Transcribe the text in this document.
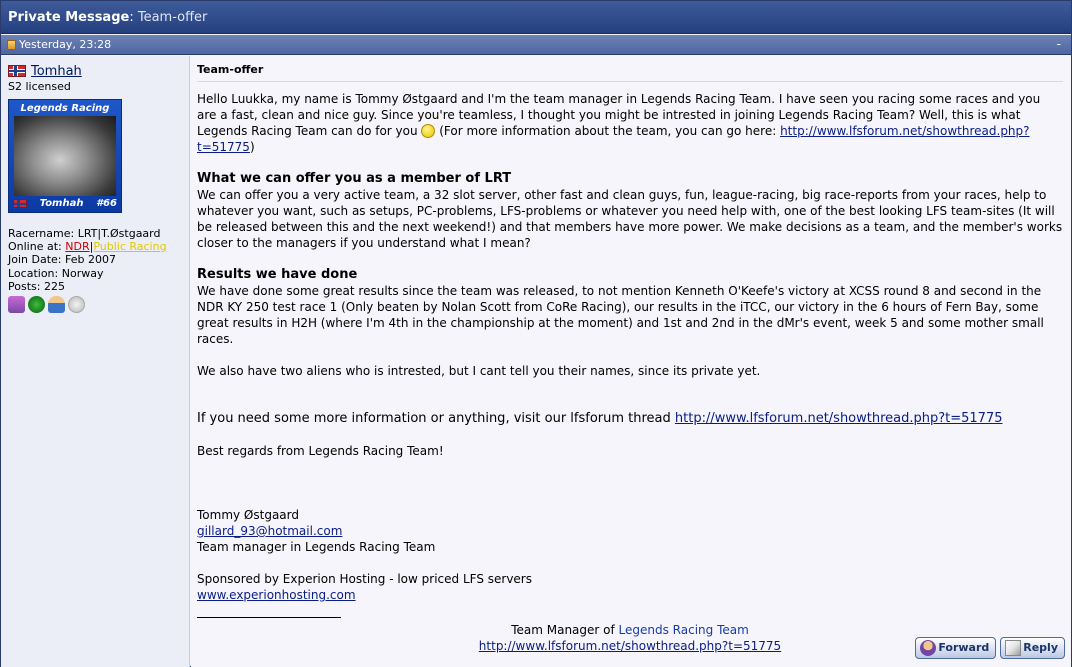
Private Message: Team-offer
Yesterday, 23:28	-
Tomhah
S2 licensed
Legends Racing
Tomhah #66
Racername: LRT|T.Østgaard
Online at: NDR|Public Racing
Join Date: Feb 2007
Location: Norway
Posts: 225
Team-offer

Hello Luukka, my name is Tommy Østgaard and I'm the team manager in Legends Racing Team. I have seen you racing some races and you are a fast, clean and nice guy. Since you're teamless, I thought you might be intrested in joining Legends Racing Team? Well, this is what Legends Racing Team can do for you  (For more information about the team, you can go here: http://www.lfsforum.net/showthread.php?t=51775)

What we can offer you as a member of LRT

We can offer you a very active team, a 32 slot server, other fast and clean guys, fun, league-racing, big race-reports from your races, help to whatever you want, such as setups, PC-problems, LFS-problems or whatever you need help with, one of the best looking LFS team-sites (It will be released between this and the next weekend!) and that members have more power. We make decisions as a team, and the member's works closer to the managers if you understand what I mean?

Results we have done

We have done some great results since the team was released, to not mention Kenneth O'Keefe's victory at XCSS round 8 and second in the NDR KY 250 test race 1 (Only beaten by Nolan Scott from CoRe Racing), our results in the iTCC, our victory in the 6 hours of Fern Bay, some great results in H2H (where I'm 4th in the championship at the moment) and 1st and 2nd in the dMr's event, week 5 and some mother small races.

We also have two aliens who is intrested, but I cant tell you their names, since its private yet.

If you need some more information or anything, visit our lfsforum thread http://www.lfsforum.net/showthread.php?t=51775

Best regards from Legends Racing Team!

Tommy Østgaard

gillard_93@hotmail.com

Team manager in Legends Racing Team

Sponsored by Experion Hosting - low priced LFS servers

www.experionhosting.com

Team Manager of Legends Racing Team
http://www.lfsforum.net/showthread.php?t=51775	Forward	Reply
